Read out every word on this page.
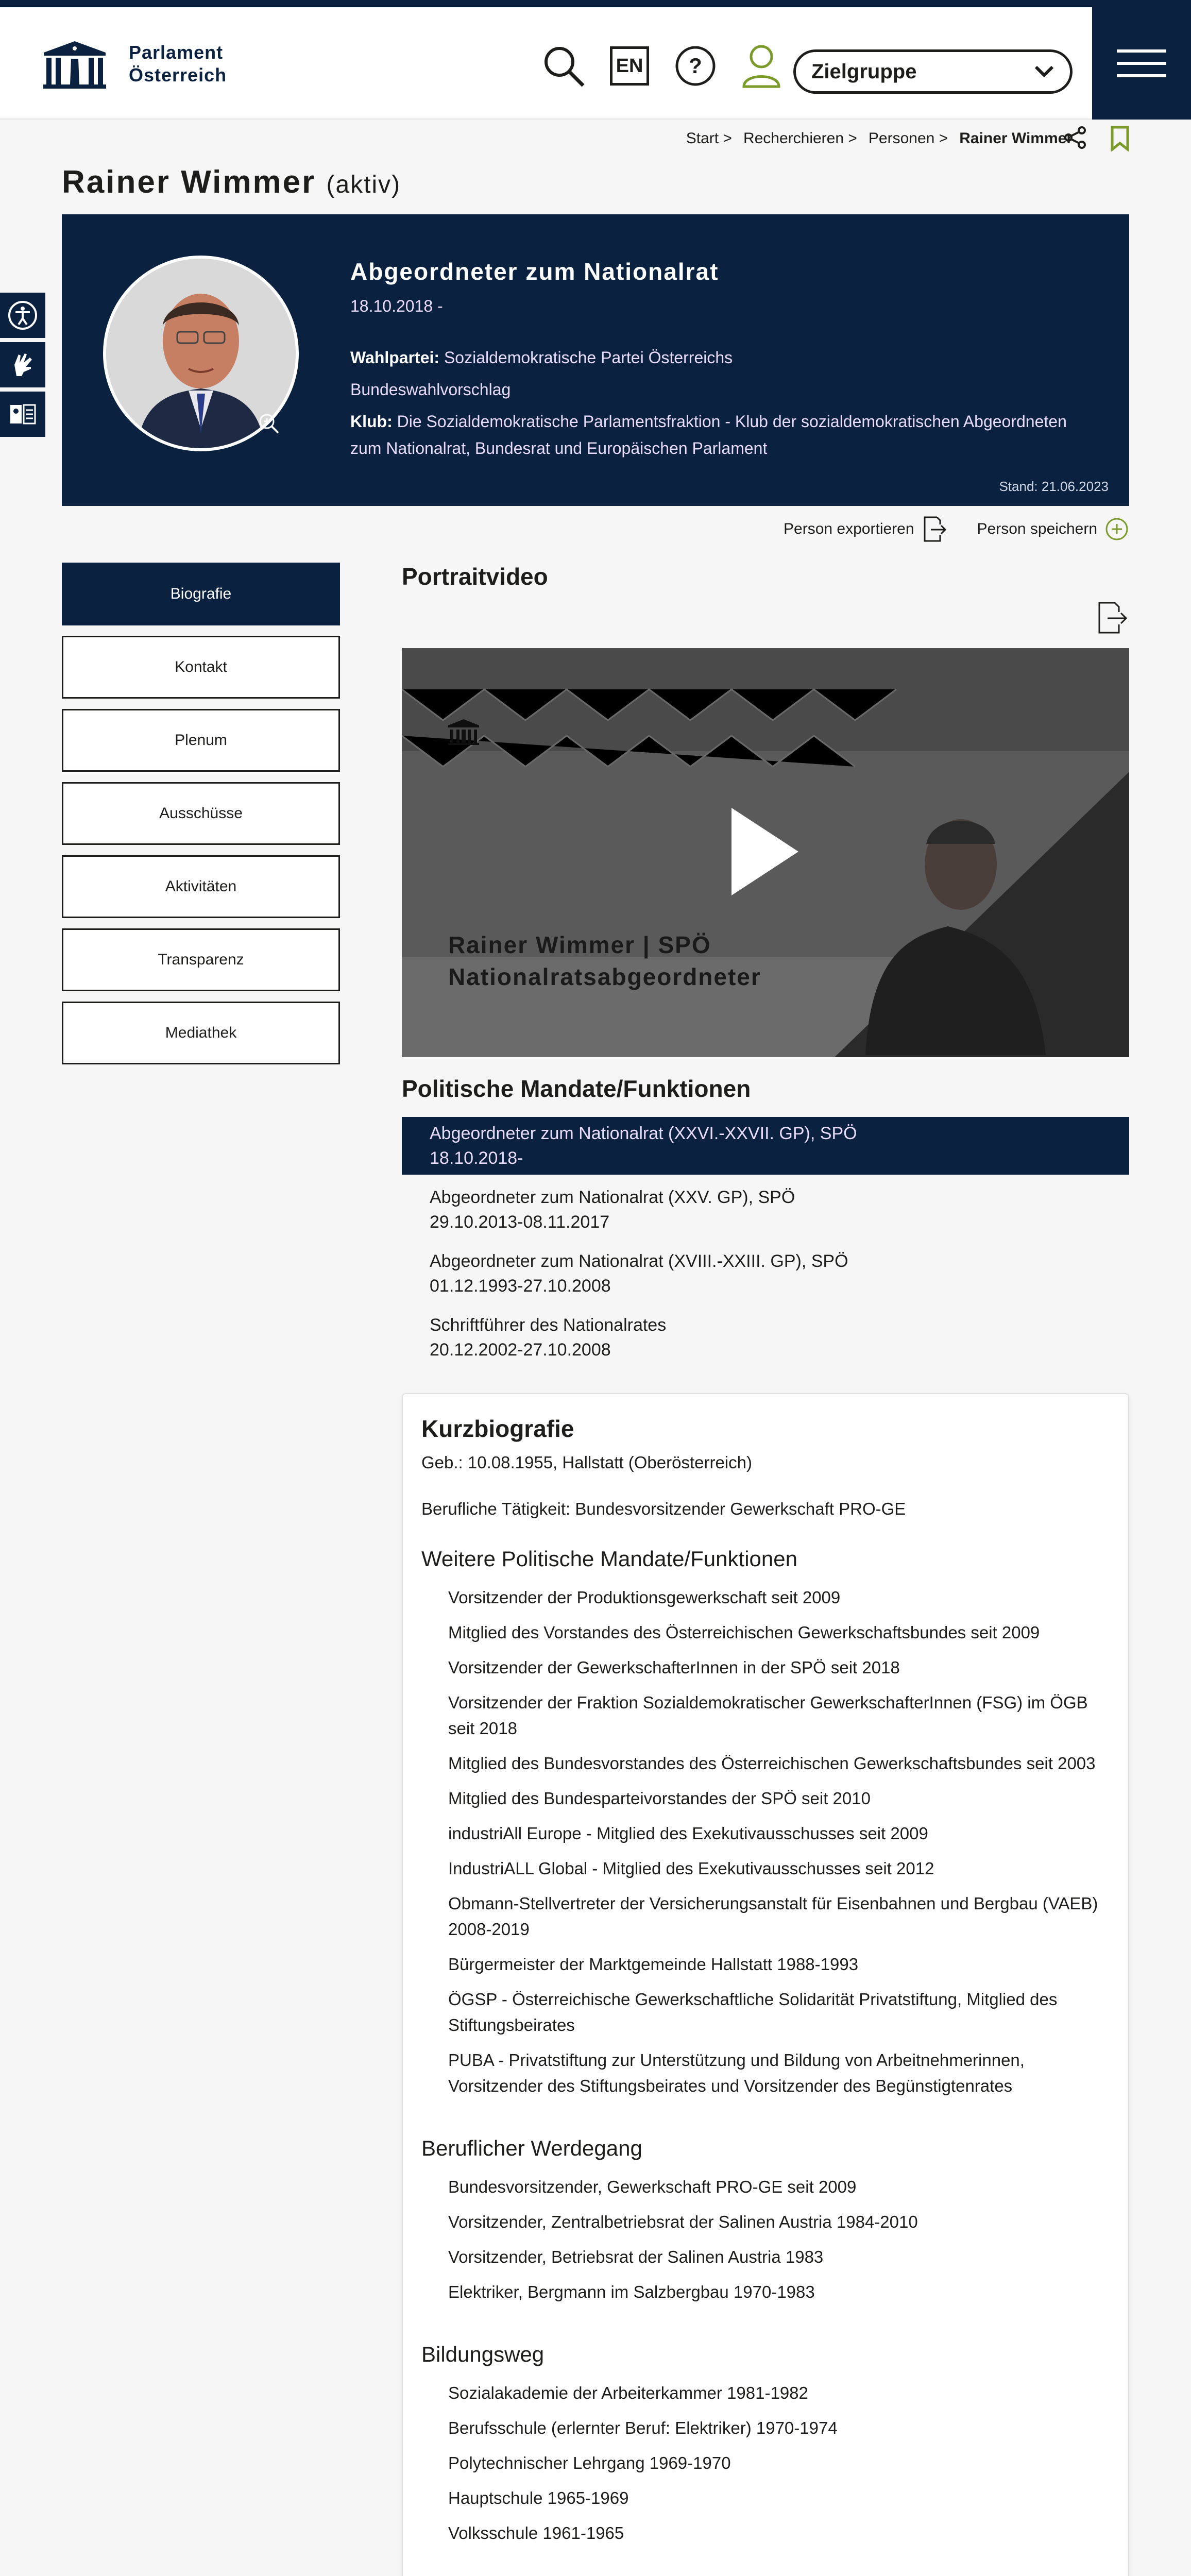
Parlament
Österreich	EN ?	Zielgruppe
Start > Recherchieren > Personen > Rainer Wimmer
Rainer Wimmer (aktiv)
Abgeordneter zum Nationalrat
18.10.2018 -
Wahlpartei: Sozialdemokratische Partei Österreichs
Bundeswahlvorschlag
Klub: Die Sozialdemokratische Parlamentsfraktion - Klub der sozialdemokratischen Abgeordneten zum Nationalrat, Bundesrat und Europäischen Parlament
Stand: 21.06.2023
Person exportieren	Person speichern
Biografie
Kontakt
Plenum
Ausschüsse
Aktivitäten
Transparenz
Mediathek
Portraitvideo
Rainer Wimmer | SPÖ
Nationalratsabgeordneter
Politische Mandate/Funktionen
Abgeordneter zum Nationalrat (XXVI.-XXVII. GP), SPÖ
18.10.2018-
Abgeordneter zum Nationalrat (XXV. GP), SPÖ
29.10.2013-08.11.2017
Abgeordneter zum Nationalrat (XVIII.-XXIII. GP), SPÖ
01.12.1993-27.10.2008
Schriftführer des Nationalrates
20.12.2002-27.10.2008
Kurzbiografie

Geb.: 10.08.1955, Hallstatt (Oberösterreich)

Berufliche Tätigkeit: Bundesvorsitzender Gewerkschaft PRO-GE

Weitere Politische Mandate/Funktionen
Vorsitzender der Produktionsgewerkschaft seit 2009
Mitglied des Vorstandes des Österreichischen Gewerkschaftsbundes seit 2009
Vorsitzender der GewerkschafterInnen in der SPÖ seit 2018
Vorsitzender der Fraktion Sozialdemokratischer GewerkschafterInnen (FSG) im ÖGB seit 2018
Mitglied des Bundesvorstandes des Österreichischen Gewerkschaftsbundes seit 2003
Mitglied des Bundesparteivorstandes der SPÖ seit 2010
industriAll Europe - Mitglied des Exekutivausschusses seit 2009
IndustriALL Global - Mitglied des Exekutivausschusses seit 2012
Obmann-Stellvertreter der Versicherungsanstalt für Eisenbahnen und Bergbau (VAEB) 2008-2019
Bürgermeister der Marktgemeinde Hallstatt 1988-1993
ÖGSP - Österreichische Gewerkschaftliche Solidarität Privatstiftung, Mitglied des Stiftungsbeirates
PUBA - Privatstiftung zur Unterstützung und Bildung von Arbeitnehmerinnen, Vorsitzender des Stiftungsbeirates und Vorsitzender des Begünstigtenrates
Beruflicher Werdegang
Bundesvorsitzender, Gewerkschaft PRO-GE seit 2009
Vorsitzender, Zentralbetriebsrat der Salinen Austria 1984-2010
Vorsitzender, Betriebsrat der Salinen Austria 1983
Elektriker, Bergmann im Salzbergbau 1970-1983
Bildungsweg
Sozialakademie der Arbeiterkammer 1981-1982
Berufsschule (erlernter Beruf: Elektriker) 1970-1974
Polytechnischer Lehrgang 1969-1970
Hauptschule 1965-1969
Volksschule 1961-1965
